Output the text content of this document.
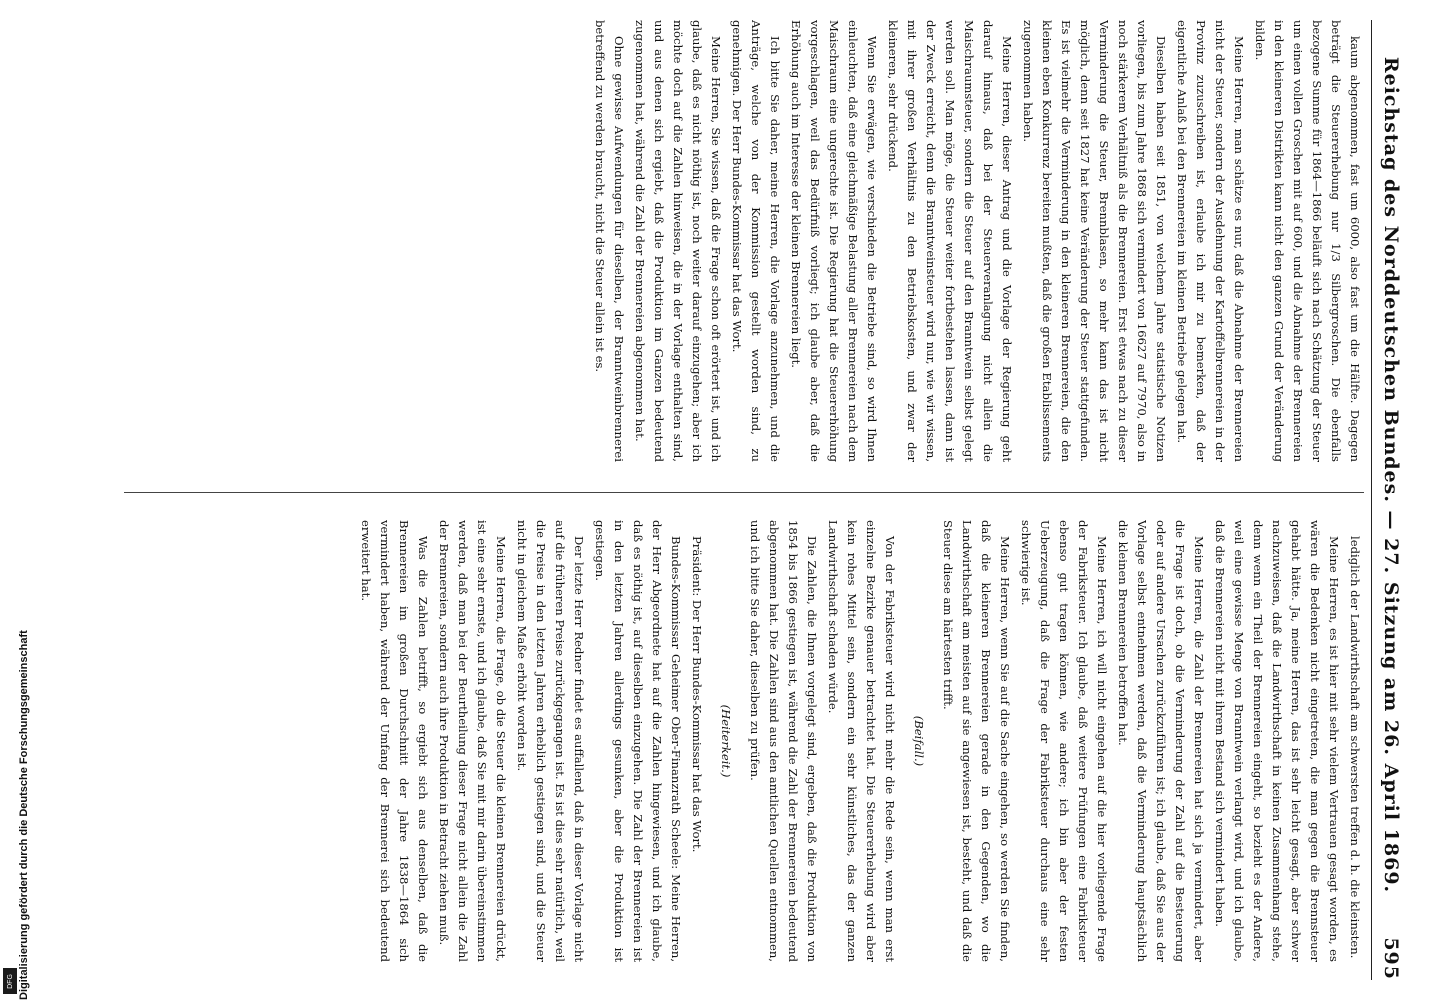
Reichstag des Norddeutschen Bundes. — 27. Sitzung am 26. April 1869.
595

kaum abgenommen, fast um 6000, also fast um die Hälfte. Dagegen beträgt die Steuererhebung nur 1/3 Silbergroschen. Die ebenfalls bezogene Summe für 1864—1866 beläuft sich nach Schätzung der Steuer um einen vollen Groschen mit auf 600, und die Abnahme der Brennereien in den kleineren Distrikten kann nicht den ganzen Grund der Veränderung bilden.

Meine Herren, man schätze es nur, daß die Abnahme der Brennereien nicht der Steuer, sondern der Ausdehnung der Kartoffelbrennereien in der Provinz zuzuschreiben ist, erlaube ich mir zu bemerken, daß der eigentliche Anlaß bei den Brennereien im kleinen Betriebe gelegen hat.

Dieselben haben seit 1851, von welchem Jahre statistische Notizen vorliegen, bis zum Jahre 1868 sich vermindert von 16627 auf 7970, also in noch stärkerem Verhältniß als die Brennereien. Erst etwas nach zu dieser Verminderung die Steuer, Brennblasen, so mehr kann das ist nicht möglich, denn seit 1827 hat keine Veränderung der Steuer stattgefunden. Es ist vielmehr die Verminderung in den kleineren Brennereien, die den kleinen eben Konkurrenz bereiten mußten, daß die großen Etablissements zugenommen haben.

Meine Herren, dieser Antrag und die Vorlage der Regierung geht darauf hinaus, daß bei der Steuerveranlagung nicht allein die Maischraumsteuer, sondern die Steuer auf den Branntwein selbst gelegt werden soll. Man möge, die Steuer weiter fortbestehen lassen, dann ist der Zweck erreicht, denn die Branntweinsteuer wird nur, wie wir wissen, mit ihrer großen Verhältnis zu den Betriebskosten, und zwar der kleineren, sehr drückend.

Wenn Sie erwägen, wie verschieden die Betriebe sind, so wird Ihnen einleuchten, daß eine gleichmäßige Belastung aller Brennereien nach dem Maischraum eine ungerechte ist. Die Regierung hat die Steuererhöhung vorgeschlagen, weil das Bedürfniß vorliegt; ich glaube aber, daß die Erhöhung auch im Interesse der kleinen Brennereien liegt.

Ich bitte Sie daher, meine Herren, die Vorlage anzunehmen, und die Anträge, welche von der Kommission gestellt worden sind, zu genehmigen. Der Herr Bundes-Kommissar hat das Wort.

Meine Herren, Sie wissen, daß die Frage schon oft erörtert ist, und ich glaube, daß es nicht nöthig ist, noch weiter darauf einzugehen; aber ich möchte doch auf die Zahlen hinweisen, die in der Vorlage enthalten sind, und aus denen sich ergiebt, daß die Produktion im Ganzen bedeutend zugenommen hat, während die Zahl der Brennereien abgenommen hat.

Ohne gewisse Aufwendungen für dieselben, der Branntweinbrennerei betreffend zu werden braucht, nicht die Steuer allein ist es.

lediglich der Landwirthschaft am schwersten treffen d. h. die kleinsten.

Meine Herren, es ist hier mit sehr vielem Vertrauen gesagt worden, es wären die Bedenken nicht eingetreten, die man gegen die Brennsteuer gehabt hätte. Ja, meine Herren, das ist sehr leicht gesagt, aber schwer nachzuweisen, daß die Landwirthschaft in keinen Zusammenhang stehe, denn wenn ein Theil der Brennereien eingeht, so bezieht es der Andere, weil eine gewisse Menge von Branntwein verlangt wird, und ich glaube, daß die Brennereien nicht mit ihrem Bestand sich vermindert haben.

Meine Herren, die Zahl der Brennereien hat sich ja vermindert, aber die Frage ist doch, ob die Verminderung der Zahl auf die Besteuerung oder auf andere Ursachen zurückzuführen ist; ich glaube, daß Sie aus der Vorlage selbst entnehmen werden, daß die Verminderung hauptsächlich die kleinen Brennereien betroffen hat.

Meine Herren, ich will nicht eingehen auf die hier vorliegende Frage der Fabriksteuer. Ich glaube, daß weitere Prüfungen eine Fabriksteuer ebenso gut tragen können, wie andere; ich bin aber der festen Ueberzeugung, daß die Frage der Fabriksteuer durchaus eine sehr schwierige ist.

Meine Herren, wenn Sie auf die Sache eingehen, so werden Sie finden, daß die kleineren Brennereien gerade in den Gegenden, wo die Landwirthschaft am meisten auf sie angewiesen ist, besteht, und daß die Steuer diese am härtesten trifft.

(Beifall.)

Von der Fabriksteuer wird nicht mehr die Rede sein, wenn man erst einzelne Bezirke genauer betrachtet hat. Die Steuererhebung wird aber kein rohes Mittel sein, sondern ein sehr künstliches, das der ganzen Landwirthschaft schaden würde.

Die Zahlen, die Ihnen vorgelegt sind, ergeben, daß die Produktion von 1854 bis 1866 gestiegen ist, während die Zahl der Brennereien bedeutend abgenommen hat. Die Zahlen sind aus den amtlichen Quellen entnommen, und ich bitte Sie daher, dieselben zu prüfen.

(Heiterkeit.)

Präsident: Der Herr Bundes-Kommissar hat das Wort.

Bundes-Kommissar Geheimer Ober-Finanzrath Scheele: Meine Herren, der Herr Abgeordnete hat auf die Zahlen hingewiesen, und ich glaube, daß es nöthig ist, auf dieselben einzugehen. Die Zahl der Brennereien ist in den letzten Jahren allerdings gesunken, aber die Produktion ist gestiegen.

Der letzte Herr Redner findet es auffallend, daß in dieser Vorlage nicht auf die früheren Preise zurückgegangen ist. Es ist dies sehr natürlich, weil die Preise in den letzten Jahren erheblich gestiegen sind, und die Steuer nicht in gleichem Maße erhöht worden ist.

Meine Herren, die Frage, ob die Steuer die kleinen Brennereien drückt, ist eine sehr ernste, und ich glaube, daß Sie mit mir darin übereinstimmen werden, daß man bei der Beurtheilung dieser Frage nicht allein die Zahl der Brennereien, sondern auch ihre Produktion in Betracht ziehen muß.

Was die Zahlen betrifft, so ergiebt sich aus denselben, daß die Brennereien im großen Durchschnitt der Jahre 1838—1864 sich vermindert haben, während der Umfang der Brennerei sich bedeutend erweitert hat.

Digitalisierung gefördert durch die Deutsche Forschungsgemeinschaft
DFG
